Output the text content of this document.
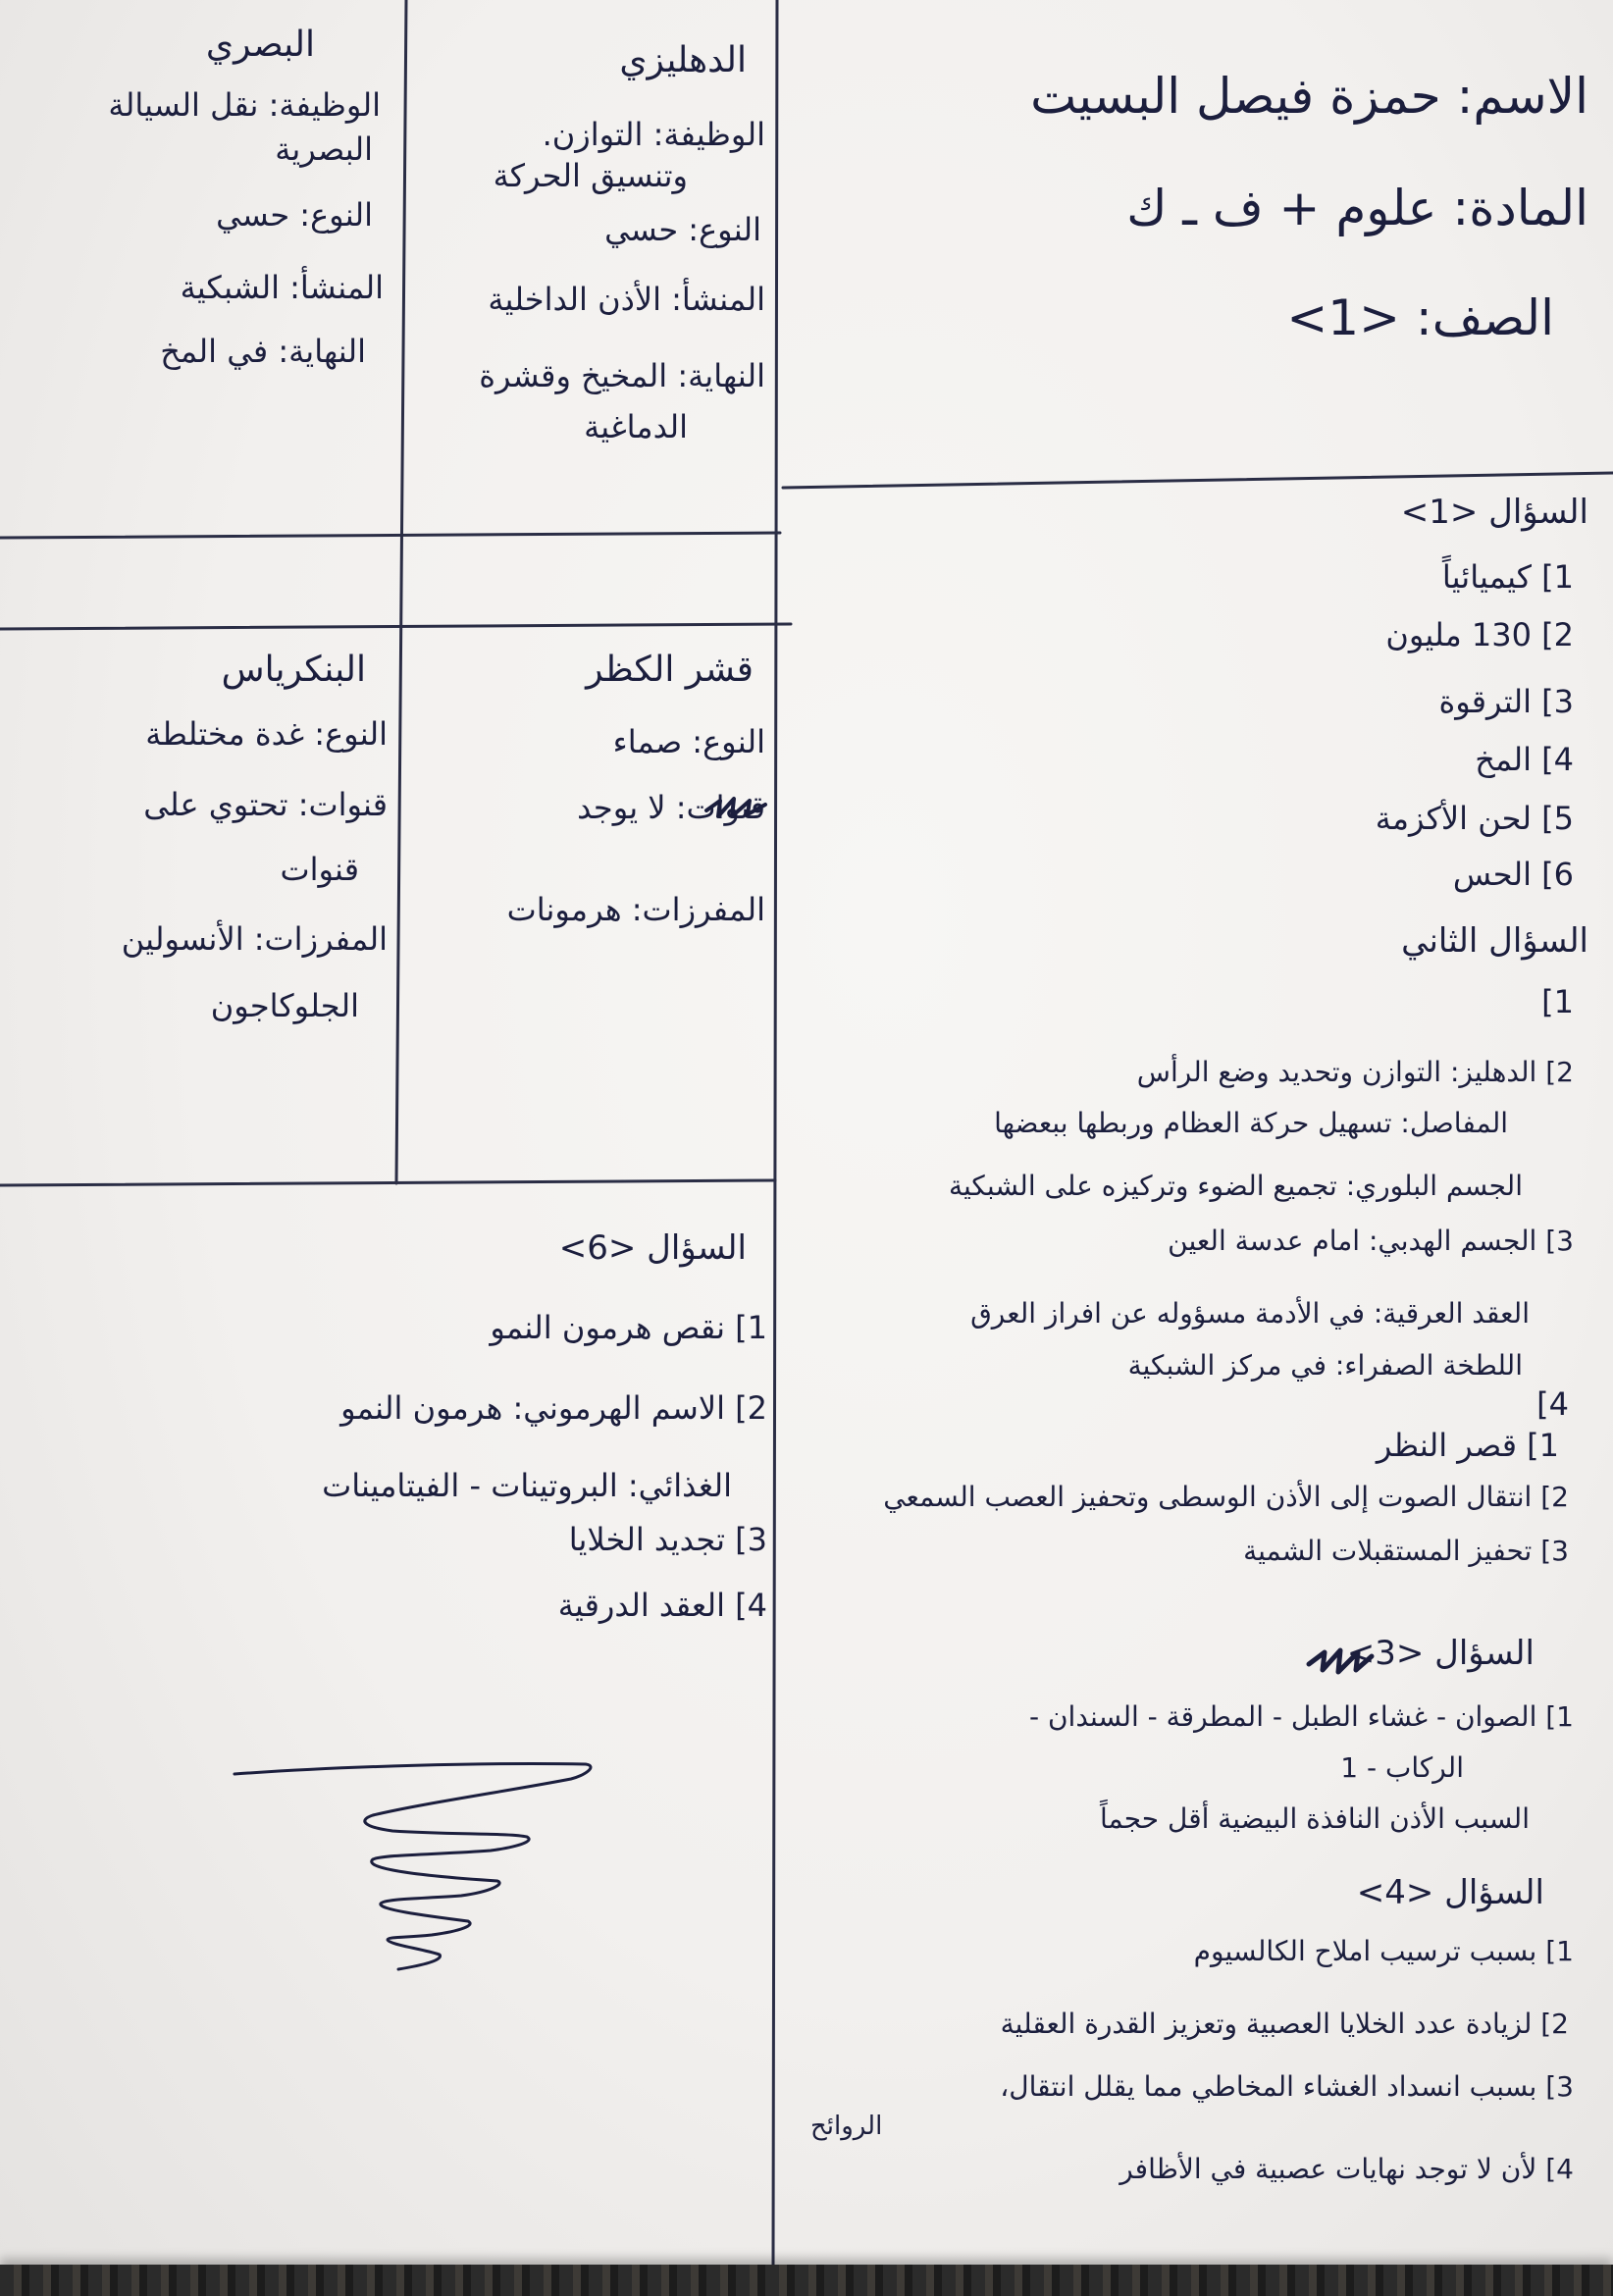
الاسم: حمزة فيصل البسيت
المادة: علوم + ف ـ ك
الصف: <1>
البصري
الوظيفة: نقل السيالة
البصرية
النوع: حسي
المنشأ: الشبكية
النهاية: في المخ
الدهليزي
الوظيفة: التوازن.
وتنسيق الحركة
النوع: حسي
المنشأ: الأذن الداخلية
النهاية: المخيخ وقشرة
الدماغية
البنكرياس
النوع: غدة مختلطة
قنوات: تحتوي على
قنوات
المفرزات: الأنسولين
الجلوكاجون
قشر الكظر
النوع: صماء
قنوات: لا يوجد
المفرزات: هرمونات
السؤال <6>
1] نقص هرمون النمو
2] الاسم الهرموني: هرمون النمو
الغذائي: البروتينات - الفيتامينات
3] تجديد الخلايا
4] العقد الدرقية
السؤال <1>
1] كيميائياً
2] 130 مليون
3] الترقوة
4] المخ
5] لحن الأكزمة
6] الحس
السؤال الثاني
1]
2] الدهليز: التوازن وتحديد وضع الرأس
المفاصل: تسهيل حركة العظام وربطها ببعضها
الجسم البلوري: تجميع الضوء وتركيزه على الشبكية
3] الجسم الهدبي: امام عدسة العين
العقد العرقية: في الأدمة مسؤوله عن افراز العرق
اللطخة الصفراء: في مركز الشبكية
4]
1] قصر النظر
2] انتقال الصوت إلى الأذن الوسطى وتحفيز العصب السمعي
3] تحفيز المستقبلات الشمية
السؤال <3>
1] الصوان - غشاء الطبل - المطرقة - السندان -
الركاب - 1
السبب الأذن النافذة البيضية أقل حجماً
السؤال <4>
1] بسبب ترسيب املاح الكالسيوم
2] لزيادة عدد الخلايا العصبية وتعزيز القدرة العقلية
3] بسبب انسداد الغشاء المخاطي مما يقلل انتقال،
الروائح
4] لأن لا توجد نهايات عصبية في الأظافر
